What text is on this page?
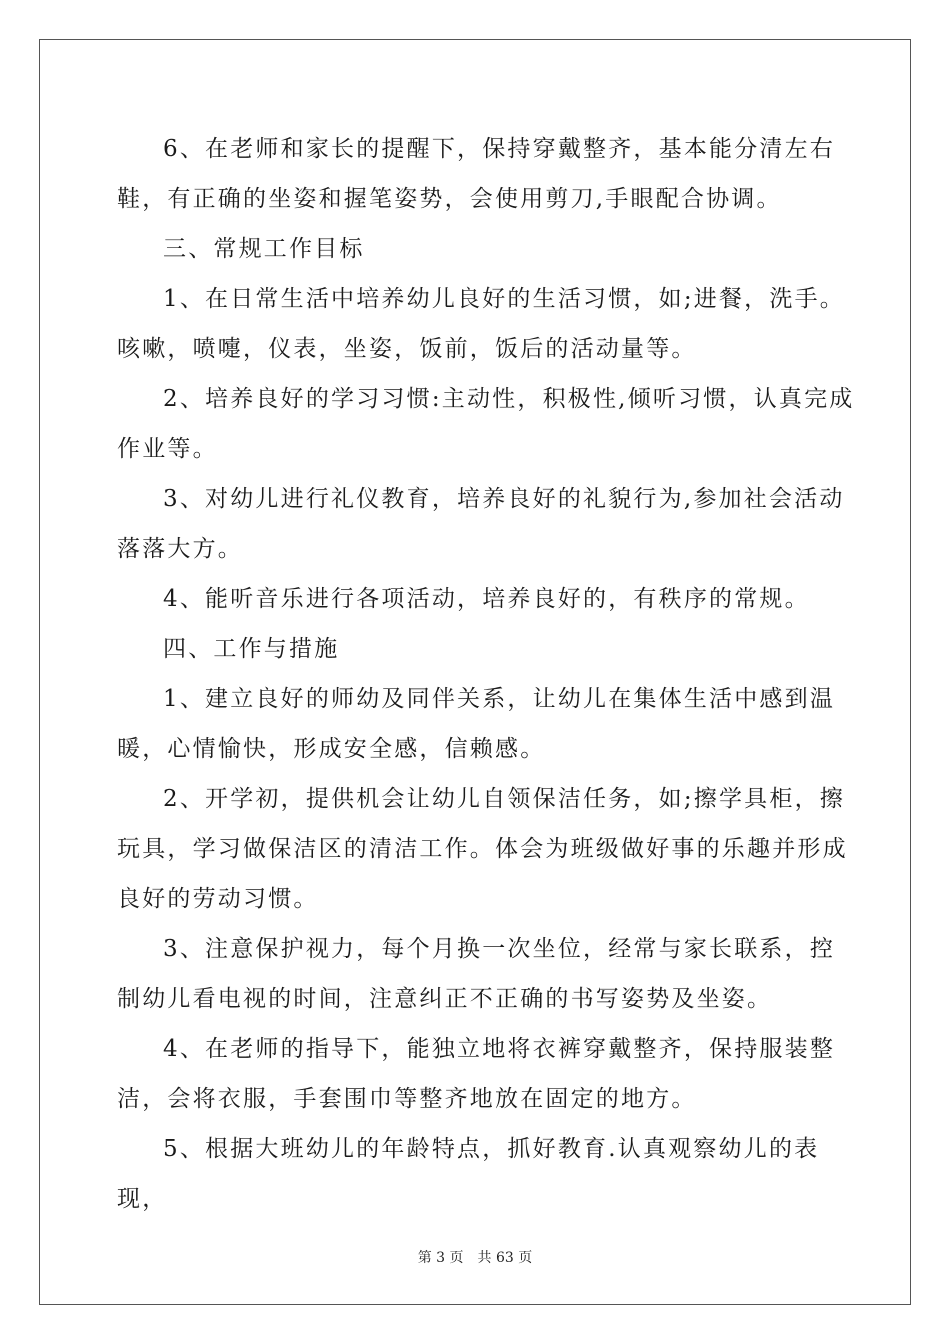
6、在老师和家长的提醒下，保持穿戴整齐，基本能分清左右鞋，有正确的坐姿和握笔姿势，会使用剪刀,手眼配合协调。

三、常规工作目标

1、在日常生活中培养幼儿良好的生活习惯，如;进餐，洗手。咳嗽，喷嚏，仪表，坐姿，饭前，饭后的活动量等。

2、培养良好的学习习惯:主动性，积极性,倾听习惯，认真完成作业等。

3、对幼儿进行礼仪教育，培养良好的礼貌行为,参加社会活动落落大方。

4、能听音乐进行各项活动，培养良好的，有秩序的常规。

四、工作与措施

1、建立良好的师幼及同伴关系，让幼儿在集体生活中感到温暖，心情愉快，形成安全感，信赖感。

2、开学初，提供机会让幼儿自领保洁任务，如;擦学具柜，擦玩具，学习做保洁区的清洁工作。体会为班级做好事的乐趣并形成良好的劳动习惯。

3、注意保护视力，每个月换一次坐位，经常与家长联系，控制幼儿看电视的时间，注意纠正不正确的书写姿势及坐姿。

4、在老师的指导下，能独立地将衣裤穿戴整齐，保持服装整洁，会将衣服，手套围巾等整齐地放在固定的地方。

5、根据大班幼儿的年龄特点，抓好教育.认真观察幼儿的表现，

第 3 页　共 63 页
